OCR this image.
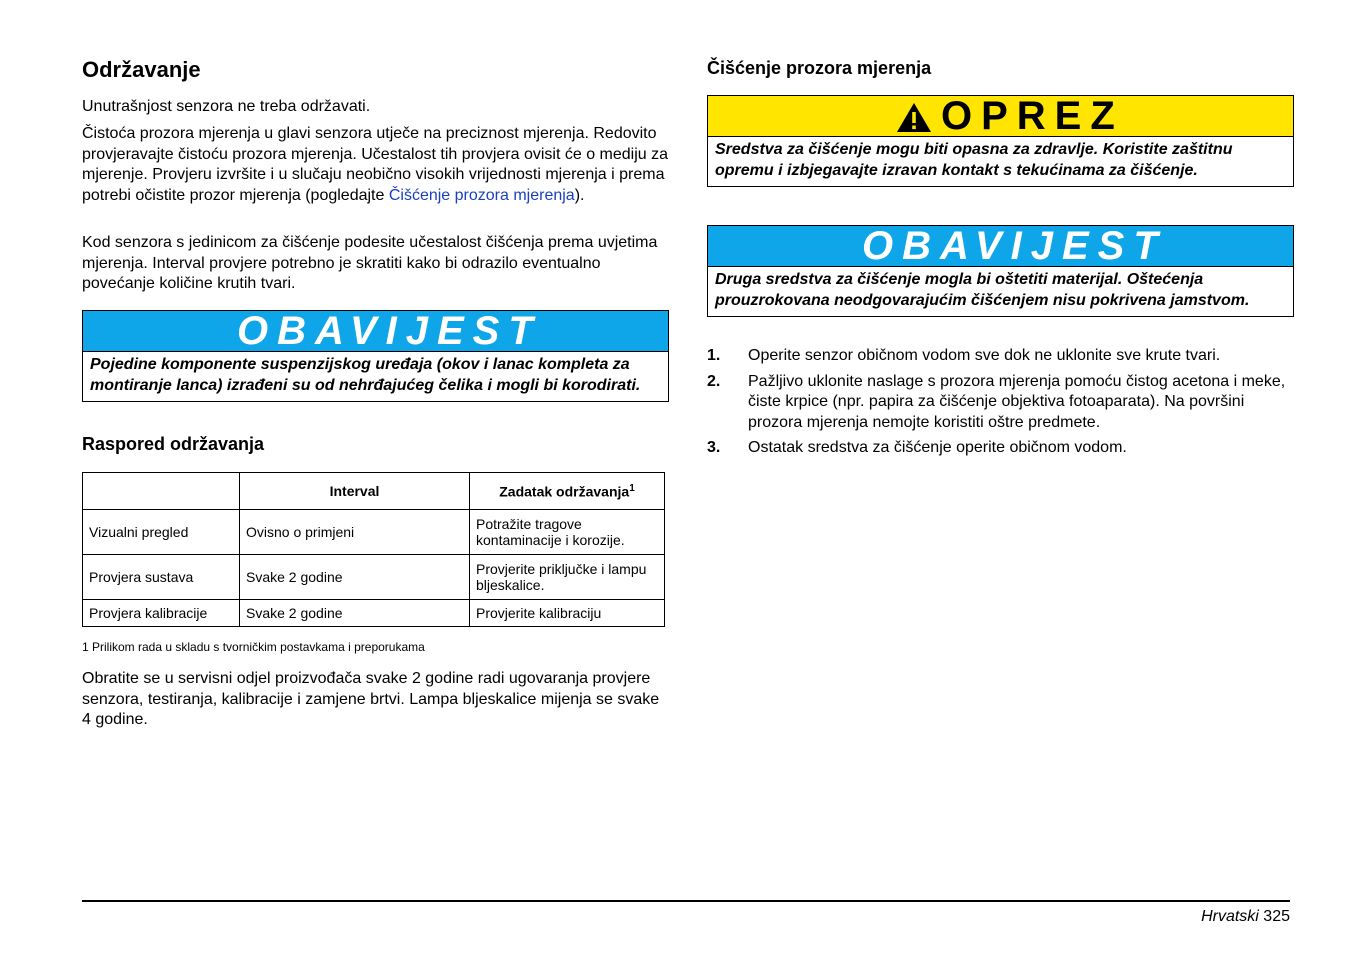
Održavanje

Unutrašnjost senzora ne treba održavati.

Čistoća prozora mjerenja u glavi senzora utječe na preciznost mjerenja. Redovito provjeravajte čistoću prozora mjerenja. Učestalost tih provjera ovisit će o mediju za mjerenje. Provjeru izvršite i u slučaju neobično visokih vrijednosti mjerenja i prema potrebi očistite prozor mjerenja (pogledajte Čišćenje prozora mjerenja).

Kod senzora s jedinicom za čišćenje podesite učestalost čišćenja prema uvjetima mjerenja. Interval provjere potrebno je skratiti kako bi odrazilo eventualno povećanje količine krutih tvari.

OBAVIJEST
Pojedine komponente suspenzijskog uređaja (okov i lanac kompleta za montiranje lanca) izrađeni su od nehrđajućeg čelika i mogli bi korodirati.
Raspored održavanja
	Interval	Zadatak održavanja$^1$
Vizualni pregled	Ovisno o primjeni	Potražite tragove kontaminacije i korozije.
Provjera sustava	Svake 2 godine	Provjerite priključke i lampu bljeskalice.
Provjera kalibracije	Svake 2 godine	Provjerite kalibraciju
1 Prilikom rada u skladu s tvorničkim postavkama i preporukama

Obratite se u servisni odjel proizvođača svake 2 godine radi ugovaranja provjere senzora, testiranja, kalibracije i zamjene brtvi. Lampa bljeskalice mijenja se svake 4 godine.

Čišćenje prozora mjerenja
OPREZ
Sredstva za čišćenje mogu biti opasna za zdravlje. Koristite zaštitnu opremu i izbjegavajte izravan kontakt s tekućinama za čišćenje.
OBAVIJEST
Druga sredstva za čišćenje mogla bi oštetiti materijal. Oštećenja prouzrokovana neodgovarajućim čišćenjem nisu pokrivena jamstvom.
1. Operite senzor običnom vodom sve dok ne uklonite sve krute tvari.
2. Pažljivo uklonite naslage s prozora mjerenja pomoću čistog acetona i meke, čiste krpice (npr. papira za čišćenje objektiva fotoaparata). Na površini prozora mjerenja nemojte koristiti oštre predmete.
3. Ostatak sredstva za čišćenje operite običnom vodom.
Hrvatski 325
